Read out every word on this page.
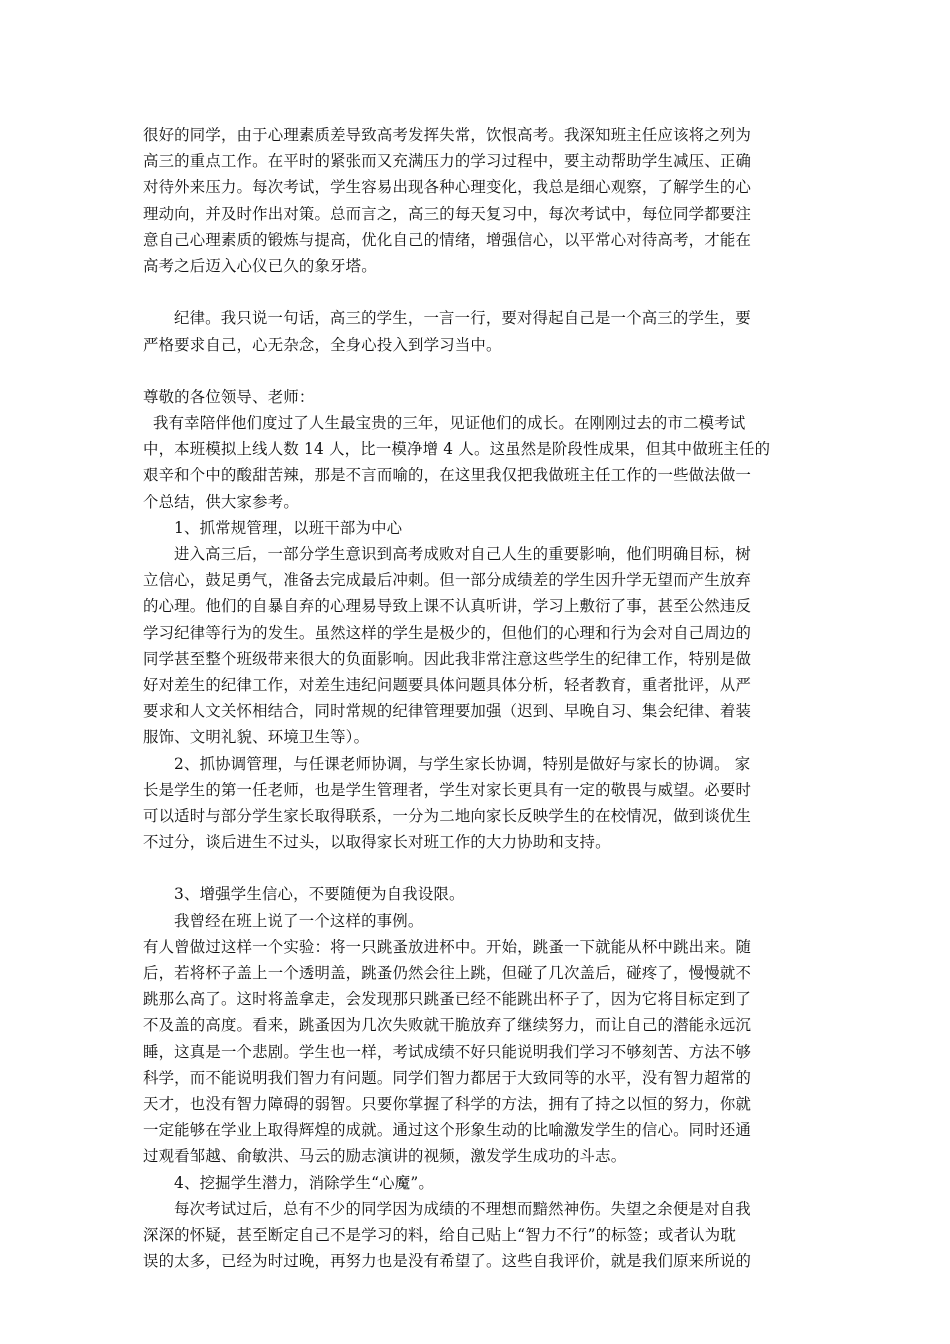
很好的同学，由于心理素质差导致高考发挥失常，饮恨高考。我深知班主任应该将之列为
高三的重点工作。在平时的紧张而又充满压力的学习过程中，要主动帮助学生减压、正确
对待外来压力。每次考试，学生容易出现各种心理变化，我总是细心观察，了解学生的心
理动向，并及时作出对策。总而言之，高三的每天复习中，每次考试中，每位同学都要注
意自己心理素质的锻炼与提高，优化自己的情绪，增强信心，以平常心对待高考，才能在
高考之后迈入心仪已久的象牙塔。
纪律。我只说一句话，高三的学生，一言一行，要对得起自己是一个高三的学生，要
严格要求自己，心无杂念，全身心投入到学习当中。
尊敬的各位领导、老师：
我有幸陪伴他们度过了人生最宝贵的三年，见证他们的成长。在刚刚过去的市二模考试
中，本班模拟上线人数 14 人，比一模净增 4 人。这虽然是阶段性成果，但其中做班主任的
艰辛和个中的酸甜苦辣，那是不言而喻的，在这里我仅把我做班主任工作的一些做法做一
个总结，供大家参考。
1、抓常规管理，以班干部为中心
进入高三后，一部分学生意识到高考成败对自己人生的重要影响，他们明确目标，树
立信心，鼓足勇气，准备去完成最后冲刺。但一部分成绩差的学生因升学无望而产生放弃
的心理。他们的自暴自弃的心理易导致上课不认真听讲，学习上敷衍了事，甚至公然违反
学习纪律等行为的发生。虽然这样的学生是极少的，但他们的心理和行为会对自己周边的
同学甚至整个班级带来很大的负面影响。因此我非常注意这些学生的纪律工作，特别是做
好对差生的纪律工作，对差生违纪问题要具体问题具体分析，轻者教育，重者批评，从严
要求和人文关怀相结合，同时常规的纪律管理要加强（迟到、早晚自习、集会纪律、着装
服饰、文明礼貌、环境卫生等）。
2、抓协调管理，与任课老师协调，与学生家长协调，特别是做好与家长的协调。 家
长是学生的第一任老师，也是学生管理者，学生对家长更具有一定的敬畏与威望。必要时
可以适时与部分学生家长取得联系，一分为二地向家长反映学生的在校情况，做到谈优生
不过分，谈后进生不过头，以取得家长对班工作的大力协助和支持。
3、增强学生信心，不要随便为自我设限。
我曾经在班上说了一个这样的事例。
有人曾做过这样一个实验：将一只跳蚤放进杯中。开始，跳蚤一下就能从杯中跳出来。随
后，若将杯子盖上一个透明盖，跳蚤仍然会往上跳，但碰了几次盖后，碰疼了，慢慢就不
跳那么高了。这时将盖拿走，会发现那只跳蚤已经不能跳出杯子了，因为它将目标定到了
不及盖的高度。看来，跳蚤因为几次失败就干脆放弃了继续努力，而让自己的潜能永远沉
睡，这真是一个悲剧。学生也一样，考试成绩不好只能说明我们学习不够刻苦、方法不够
科学，而不能说明我们智力有问题。同学们智力都居于大致同等的水平，没有智力超常的
天才，也没有智力障碍的弱智。只要你掌握了科学的方法，拥有了持之以恒的努力，你就
一定能够在学业上取得辉煌的成就。通过这个形象生动的比喻激发学生的信心。同时还通
过观看邹越、俞敏洪、马云的励志演讲的视频，激发学生成功的斗志。
4、挖掘学生潜力，消除学生“心魔”。
每次考试过后，总有不少的同学因为成绩的不理想而黯然神伤。失望之余便是对自我
深深的怀疑，甚至断定自己不是学习的料，给自己贴上“智力不行”的标签；或者认为耽
误的太多，已经为时过晚，再努力也是没有希望了。这些自我评价，就是我们原来所说的
